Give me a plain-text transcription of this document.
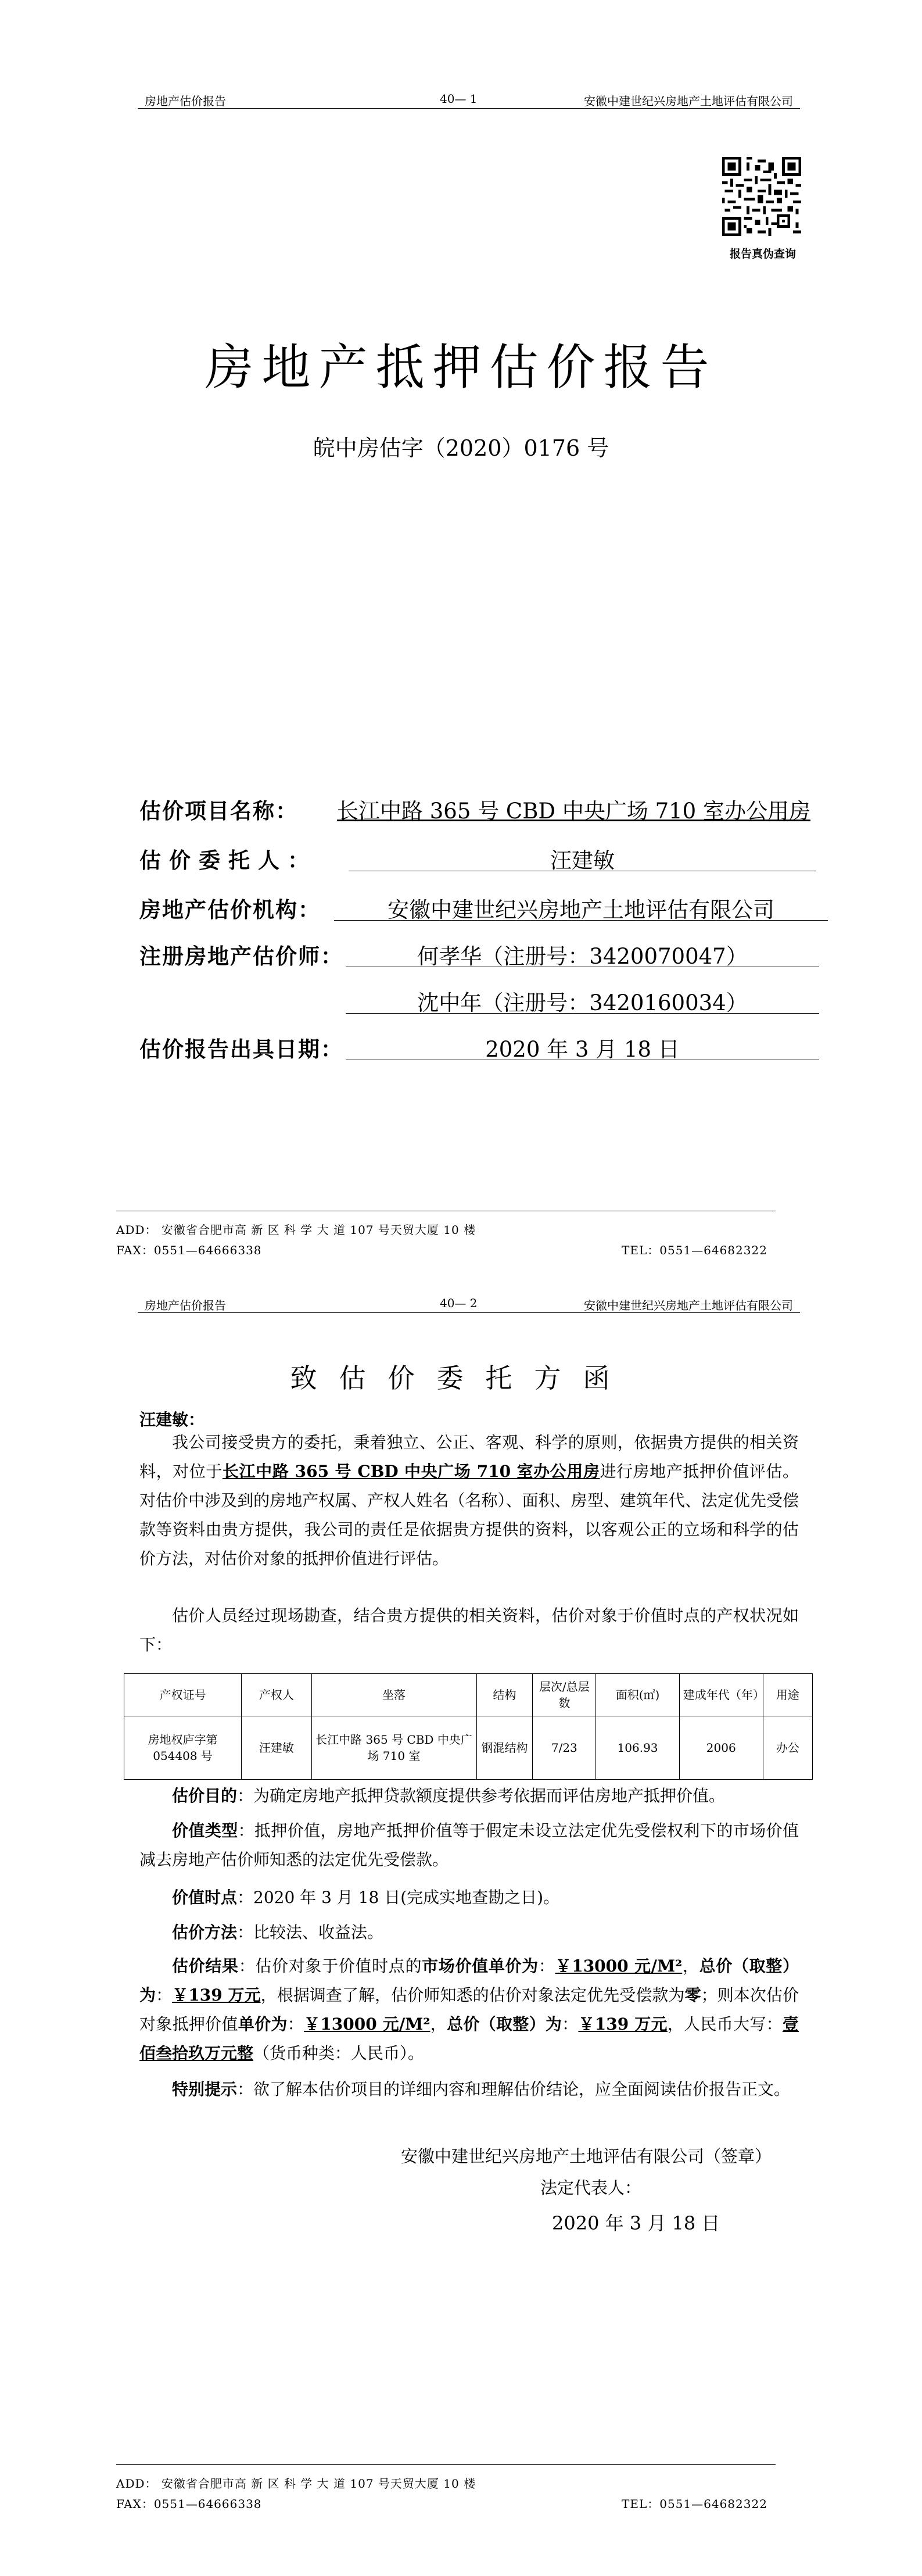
房地产估价报告	40— 1	安徽中建世纪兴房地产土地评估有限公司
报告真伪查询
房地产抵押估价报告
皖中房估字（2020）0176 号
估价项目名称：	长江中路 365 号 CBD 中央广场 710 室办公用房
估价委托人：	汪建敏
房地产估价机构：	安徽中建世纪兴房地产土地评估有限公司
注册房地产估价师：	何孝华（注册号：3420070047）
沈中年（注册号：3420160034）
估价报告出具日期：	2020 年 3 月 18 日
ADD： 安徽省合肥市高 新 区 科 学 大 道 107 号天贸大厦 10 楼
FAX：0551—64666338	TEL：0551—64682322
房地产估价报告	40— 2	安徽中建世纪兴房地产土地评估有限公司
致估价委托方函
汪建敏：
我公司接受贵方的委托，秉着独立、公正、客观、科学的原则，依据贵方提供的相关资料，对位于长江中路 365 号 CBD 中央广场 710 室办公用房进行房地产抵押价值评估。对估价中涉及到的房地产权属、产权人姓名（名称）、面积、房型、建筑年代、法定优先受偿款等资料由贵方提供，我公司的责任是依据贵方提供的资料，以客观公正的立场和科学的估价方法，对估价对象的抵押价值进行评估。
估价人员经过现场勘查，结合贵方提供的相关资料，估价对象于价值时点的产权状况如下：
产权证号	产权人	坐落	结构	层次/总层数	面积(㎡)	建成年代（年）	用途
房地权庐字第 054408 号	汪建敏	长江中路 365 号 CBD 中央广场 710 室	钢混结构	7/23	106.93	2006	办公
估价目的：为确定房地产抵押贷款额度提供参考依据而评估房地产抵押价值。
价值类型：抵押价值，房地产抵押价值等于假定未设立法定优先受偿权利下的市场价值减去房地产估价师知悉的法定优先受偿款。
价值时点：2020 年 3 月 18 日(完成实地查勘之日)。
估价方法：比较法、收益法。
估价结果：估价对象于价值时点的市场价值单价为：￥13000 元/M²，总价（取整）为：￥139 万元，根据调查了解，估价师知悉的估价对象法定优先受偿款为零；则本次估价对象抵押价值单价为：￥13000 元/M²，总价（取整）为：￥139 万元，人民币大写：壹佰叁拾玖万元整（货币种类：人民币）。
特别提示：欲了解本估价项目的详细内容和理解估价结论，应全面阅读估价报告正文。
安徽中建世纪兴房地产土地评估有限公司（签章）
法定代表人：
2020 年 3 月 18 日
ADD： 安徽省合肥市高 新 区 科 学 大 道 107 号天贸大厦 10 楼
FAX：0551—64666338	TEL：0551—64682322
